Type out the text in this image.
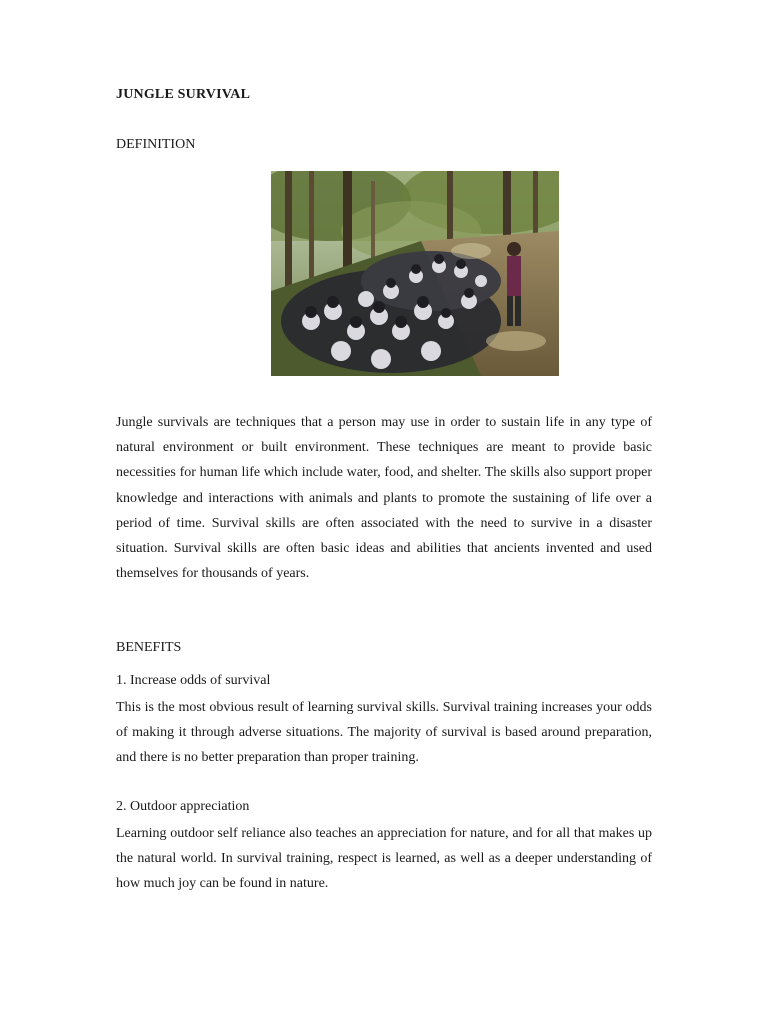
JUNGLE SURVIVAL
DEFINITION

Jungle survivals are techniques that a person may use in order to sustain life in any type of natural environment or built environment. These techniques are meant to provide basic necessities for human life which include water, food, and shelter. The skills also support proper knowledge and interactions with animals and plants to promote the sustaining of life over a period of time. Survival skills are often associated with the need to survive in a disaster situation. Survival skills are often basic ideas and abilities that ancients invented and used themselves for thousands of years.

BENEFITS
1. Increase odds of survival

This is the most obvious result of learning survival skills. Survival training increases your odds of making it through adverse situations. The majority of survival is based around preparation, and there is no better preparation than proper training.

2. Outdoor appreciation

Learning outdoor self reliance also teaches an appreciation for nature, and for all that makes up the natural world. In survival training, respect is learned, as well as a deeper understanding of how much joy can be found in nature.
